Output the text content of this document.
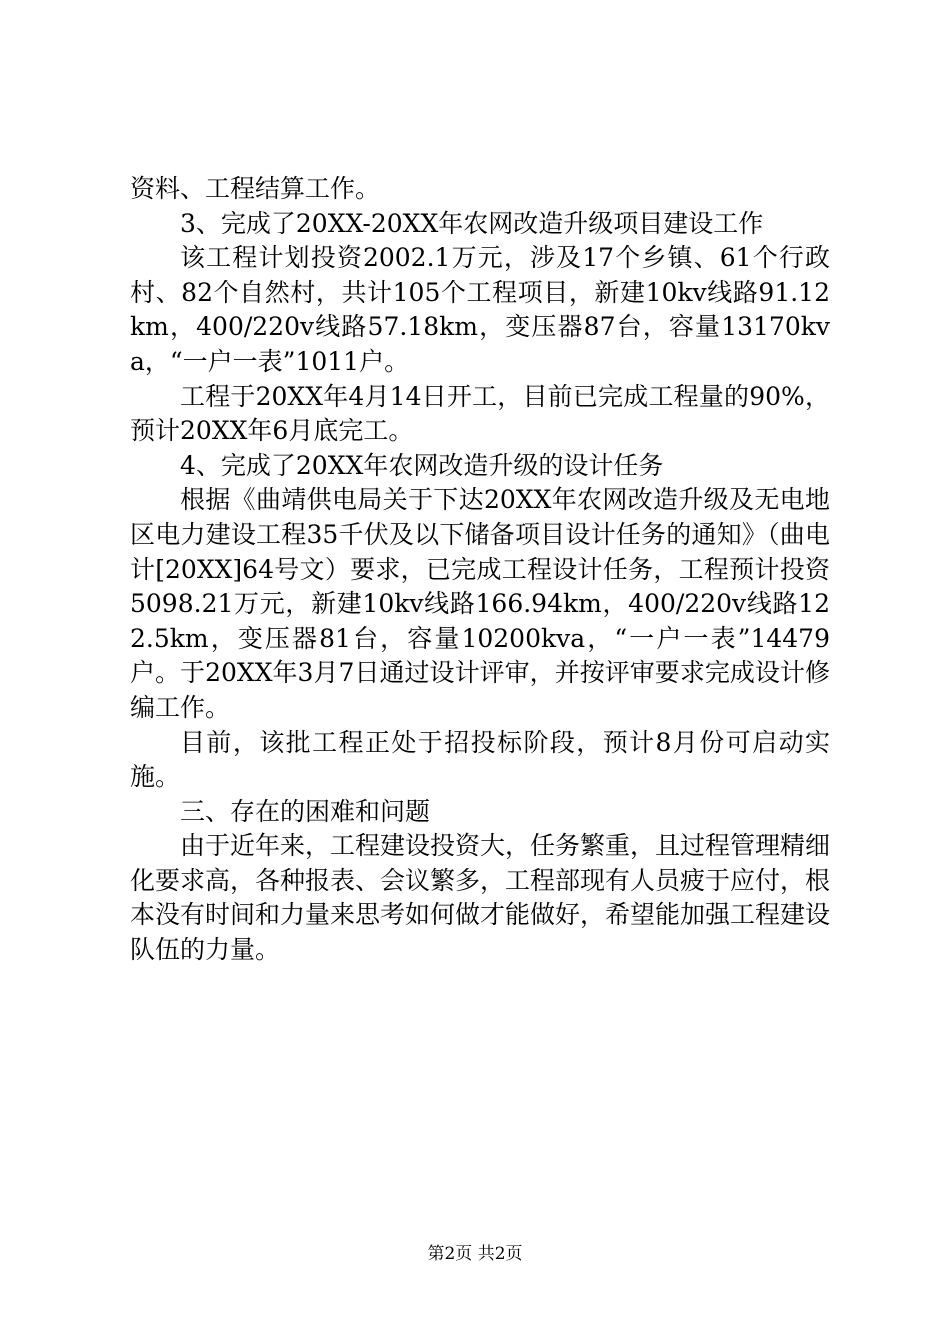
资料、工程结算工作。

3、完成了20XX-20XX年农网改造升级项目建设工作

该工程计划投资2002.1万元，涉及17个乡镇、61个行政村、82个自然村，共计105个工程项目，新建10kv线路91.12km，400/220v线路57.18km，变压器87台，容量13170kva，“一户一表”1011户。

工程于20XX年4月14日开工，目前已完成工程量的90%，预计20XX年6月底完工。

4、完成了20XX年农网改造升级的设计任务

根据《曲靖供电局关于下达20XX年农网改造升级及无电地区电力建设工程35千伏及以下储备项目设计任务的通知》（曲电计[20XX]64号文）要求，已完成工程设计任务，工程预计投资5098.21万元，新建10kv线路166.94km，400/220v线路122.5km，变压器81台，容量10200kva，“一户一表”14479户。于20XX年3月7日通过设计评审，并按评审要求完成设计修编工作。

目前，该批工程正处于招投标阶段，预计8月份可启动实施。

三、存在的困难和问题

由于近年来，工程建设投资大，任务繁重，且过程管理精细化要求高，各种报表、会议繁多，工程部现有人员疲于应付，根本没有时间和力量来思考如何做才能做好，希望能加强工程建设队伍的力量。

第2页 共2页
